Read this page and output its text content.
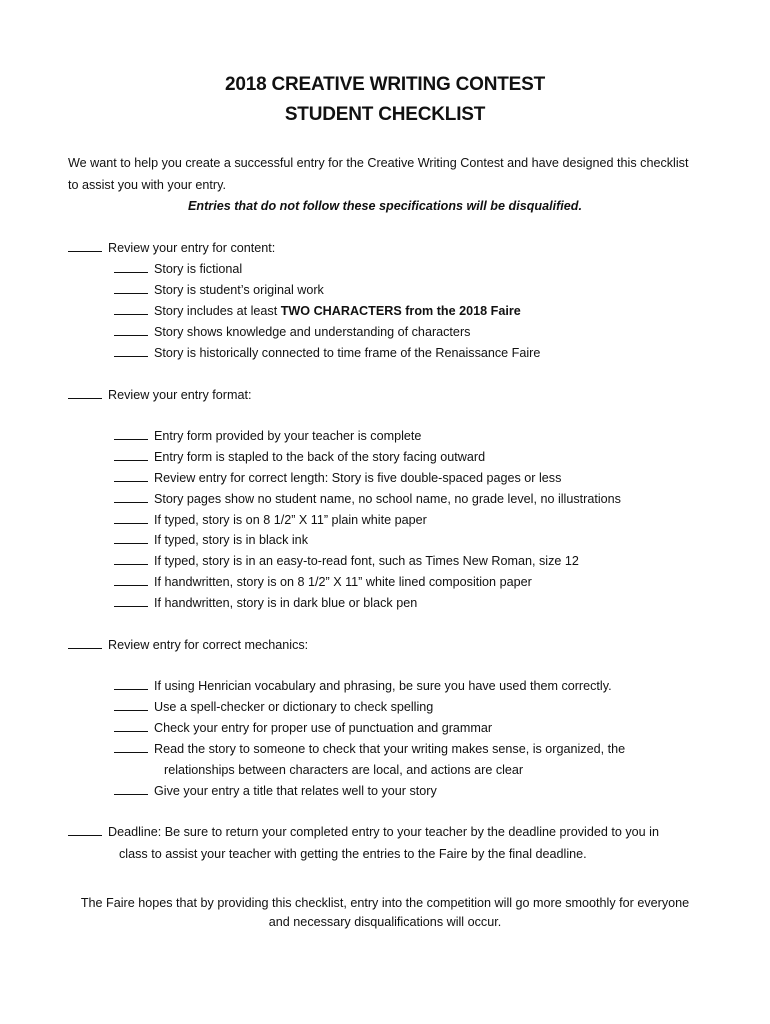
2018 CREATIVE WRITING CONTEST
STUDENT CHECKLIST
We want to help you create a successful entry for the Creative Writing Contest and have designed this checklist
to assist you with your entry.
Entries that do not follow these specifications will be disqualified.
Review your entry for content:
Story is fictional
Story is student’s original work
Story includes at least TWO CHARACTERS from the 2018 Faire
Story shows knowledge and understanding of characters
Story is historically connected to time frame of the Renaissance Faire
Review your entry format:
Entry form provided by your teacher is complete
Entry form is stapled to the back of the story facing outward
Review entry for correct length: Story is five double-spaced pages or less
Story pages show no student name, no school name, no grade level, no illustrations
If typed, story is on 8 1/2” X 11” plain white paper
If typed, story is in black ink
If typed, story is in an easy-to-read font, such as Times New Roman, size 12
If handwritten, story is on 8 1/2” X 11” white lined composition paper
If handwritten, story is in dark blue or black pen
Review entry for correct mechanics:
If using Henrician vocabulary and phrasing, be sure you have used them correctly.
Use a spell-checker or dictionary to check spelling
Check your entry for proper use of punctuation and grammar
Read the story to someone to check that your writing makes sense, is organized, the
relationships between characters are local, and actions are clear
Give your entry a title that relates well to your story
Deadline: Be sure to return your completed entry to your teacher by the deadline provided to you in
class to assist your teacher with getting the entries to the Faire by the final deadline.
The Faire hopes that by providing this checklist, entry into the competition will go more smoothly for everyone
and necessary disqualifications will occur.
